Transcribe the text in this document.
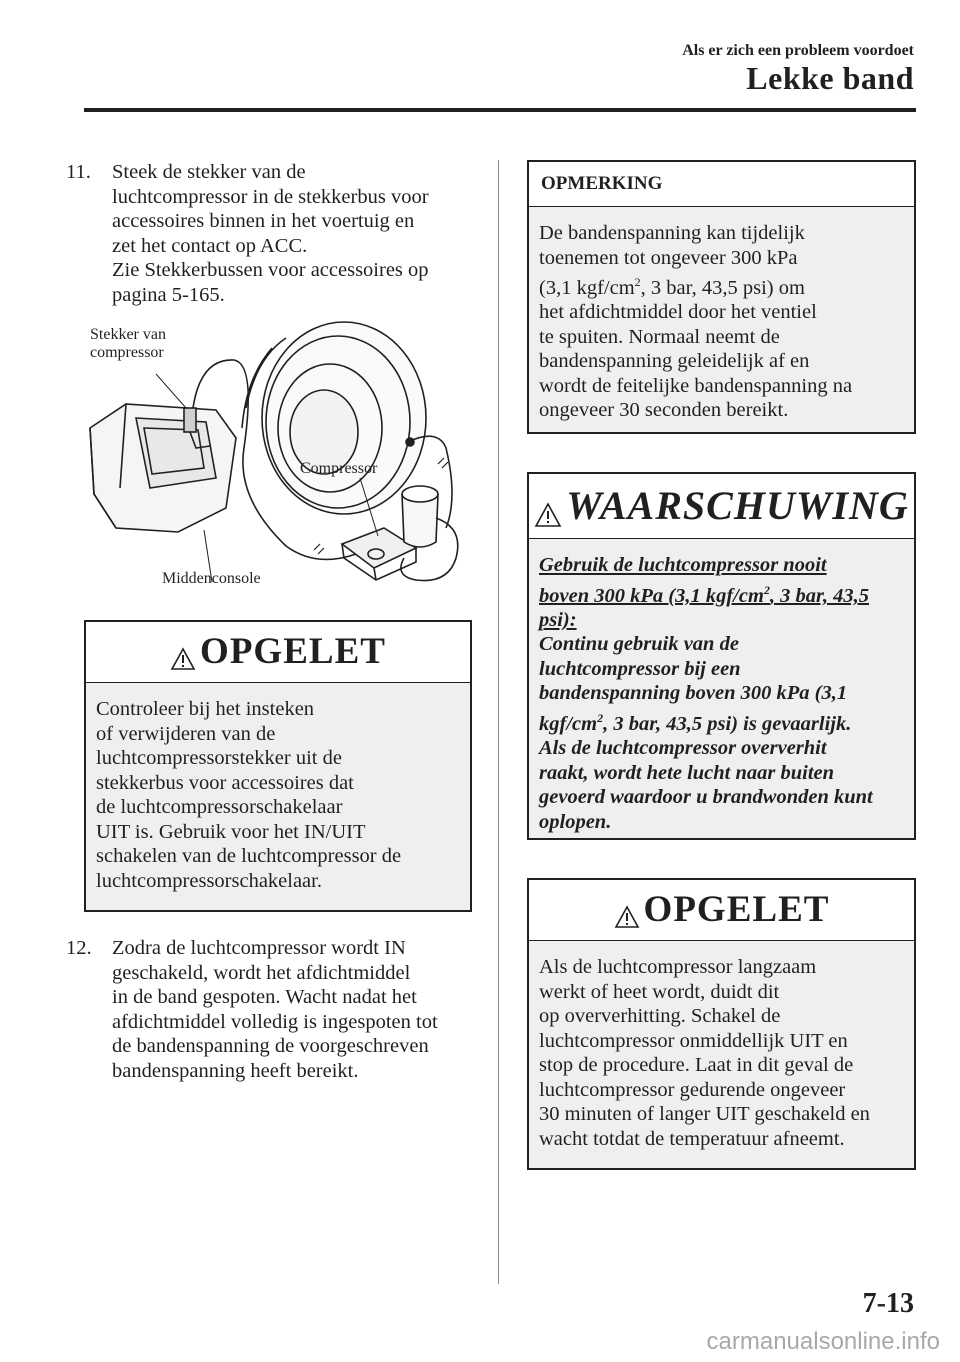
Als er zich een probleem voordoet
Lekke band
11.	Steek de stekker van de
luchtcompressor in de stekkerbus voor
accessoires binnen in het voertuig en
zet het contact op ACC.
Zie Stekkerbussen voor accessoires op
pagina 5-165.
Stekker van
compressor
Compressor
Middenconsole
OPGELET
Controleer bij het insteken
of verwijderen van de
luchtcompressorstekker uit de
stekkerbus voor accessoires dat
de luchtcompressorschakelaar
UIT is. Gebruik voor het IN/UIT
schakelen van de luchtcompressor de
luchtcompressorschakelaar.
12. Zodra de luchtcompressor wordt IN
geschakeld, wordt het afdichtmiddel
in de band gespoten. Wacht nadat het
afdichtmiddel volledig is ingespoten tot
de bandenspanning de voorgeschreven
bandenspanning heeft bereikt.
OPMERKING
De bandenspanning kan tijdelijk
toenemen tot ongeveer 300 kPa
(3,1 kgf/$cm^2$, 3 bar, 43,5 psi) om
het afdichtmiddel door het ventiel
te spuiten. Normaal neemt de
bandenspanning geleidelijk af en
wordt de feitelijke bandenspanning na
ongeveer 30 seconden bereikt.
WAARSCHUWING
Gebruik de luchtcompressor nooit
boven 300 kPa (3,1 kgf/$cm^2$, 3 bar, 43,5
psi):
Continu gebruik van de
luchtcompressor bij een
bandenspanning boven 300 kPa (3,1
kgf/$cm^2$, 3 bar, 43,5 psi) is gevaarlijk.
Als de luchtcompressor oververhit
raakt, wordt hete lucht naar buiten
gevoerd waardoor u brandwonden kunt
oplopen.
OPGELET
Als de luchtcompressor langzaam
werkt of heet wordt, duidt dit
op oververhitting. Schakel de
luchtcompressor onmiddellijk UIT en
stop de procedure. Laat in dit geval de
luchtcompressor gedurende ongeveer
30 minuten of langer UIT geschakeld en
wacht totdat de temperatuur afneemt.
7-13
carmanualsonline.info
